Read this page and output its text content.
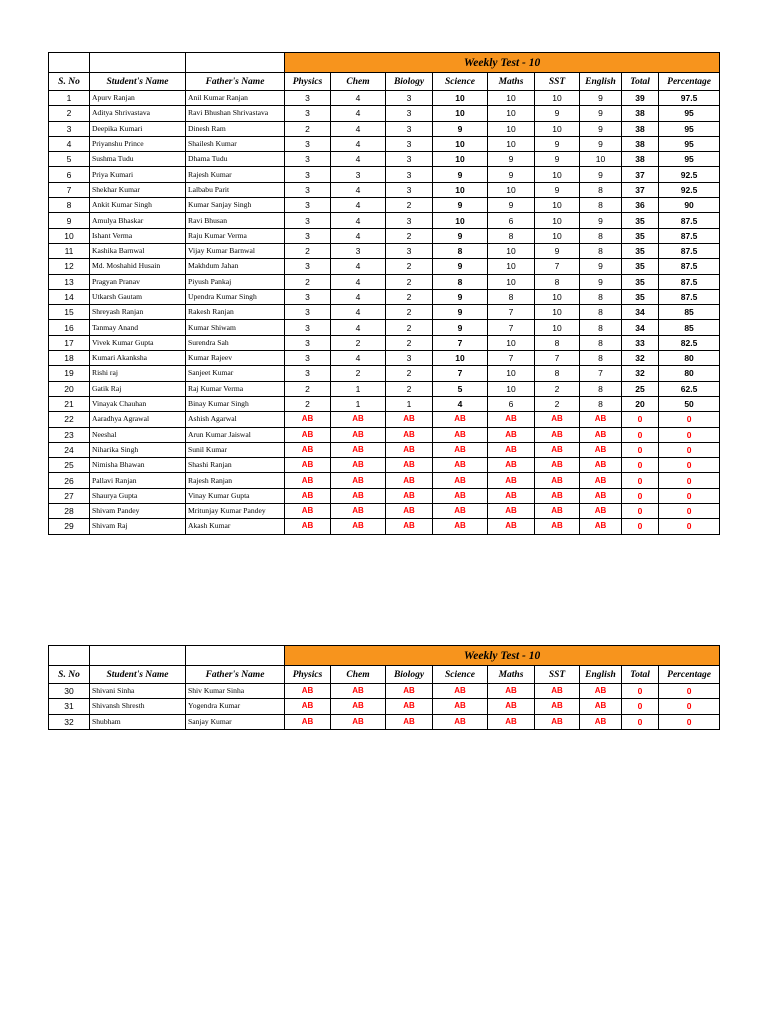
			Weekly Test - 10								
S. No	Student's Name	Father's Name	Physics	Chem	Biology	Science	Maths	SST	English	Total	Percentage
1	Apurv Ranjan	Anil Kumar Ranjan	3	4	3	10	10	10	9	39	97.5
2	Aditya Shrivastava	Ravi Bhushan Shrivastava	3	4	3	10	10	9	9	38	95
3	Deepika Kumari	Dinesh Ram	2	4	3	9	10	10	9	38	95
4	Priyanshu Prince	Shailesh Kumar	3	4	3	10	10	9	9	38	95
5	Sushma Tudu	Dhama Tudu	3	4	3	10	9	9	10	38	95
6	Priya Kumari	Rajesh Kumar	3	3	3	9	9	10	9	37	92.5
7	Shekhar Kumar	Lalbabu Parit	3	4	3	10	10	9	8	37	92.5
8	Ankit Kumar Singh	Kumar Sanjay Singh	3	4	2	9	9	10	8	36	90
9	Amulya Bhaskar	Ravi Bhusan	3	4	3	10	6	10	9	35	87.5
10	Ishant Verma	Raju Kumar Verma	3	4	2	9	8	10	8	35	87.5
11	Kashika Barnwal	Vijay Kumar Barnwal	2	3	3	8	10	9	8	35	87.5
12	Md. Moshahid Husain	Makhdum Jahan	3	4	2	9	10	7	9	35	87.5
13	Pragyan Pranav	Piyush Pankaj	2	4	2	8	10	8	9	35	87.5
14	Utkarsh Gautam	Upendra Kumar Singh	3	4	2	9	8	10	8	35	87.5
15	Shreyash Ranjan	Rakesh Ranjan	3	4	2	9	7	10	8	34	85
16	Tanmay Anand	Kumar Shiwam	3	4	2	9	7	10	8	34	85
17	Vivek Kumar Gupta	Surendra Sah	3	2	2	7	10	8	8	33	82.5
18	Kumari Akanksha	Kumar Rajeev	3	4	3	10	7	7	8	32	80
19	Rishi raj	Sanjeet Kumar	3	2	2	7	10	8	7	32	80
20	Gatik Raj	Raj Kumar Verma	2	1	2	5	10	2	8	25	62.5
21	Vinayak Chauhan	Binay Kumar Singh	2	1	1	4	6	2	8	20	50
22	Aaradhya Agrawal	Ashish Agarwal	AB	AB	AB	AB	AB	AB	AB	0	0
23	Neeshal	Arun Kumar Jaiswal	AB	AB	AB	AB	AB	AB	AB	0	0
24	Niharika Singh	Sunil Kumar	AB	AB	AB	AB	AB	AB	AB	0	0
25	Nimisha Bhawan	Shashi Ranjan	AB	AB	AB	AB	AB	AB	AB	0	0
26	Pallavi Ranjan	Rajesh Ranjan	AB	AB	AB	AB	AB	AB	AB	0	0
27	Shaurya Gupta	Vinay Kumar Gupta	AB	AB	AB	AB	AB	AB	AB	0	0
28	Shivam Pandey	Mritunjay Kumar Pandey	AB	AB	AB	AB	AB	AB	AB	0	0
29	Shivam Raj	Akash Kumar	AB	AB	AB	AB	AB	AB	AB	0	0
			Weekly Test - 10								
S. No	Student's Name	Father's Name	Physics	Chem	Biology	Science	Maths	SST	English	Total	Percentage
30	Shivani Sinha	Shiv Kumar Sinha	AB	AB	AB	AB	AB	AB	AB	0	0
31	Shivansh Shresth	Yogendra Kumar	AB	AB	AB	AB	AB	AB	AB	0	0
32	Shubham	Sanjay Kumar	AB	AB	AB	AB	AB	AB	AB	0	0
